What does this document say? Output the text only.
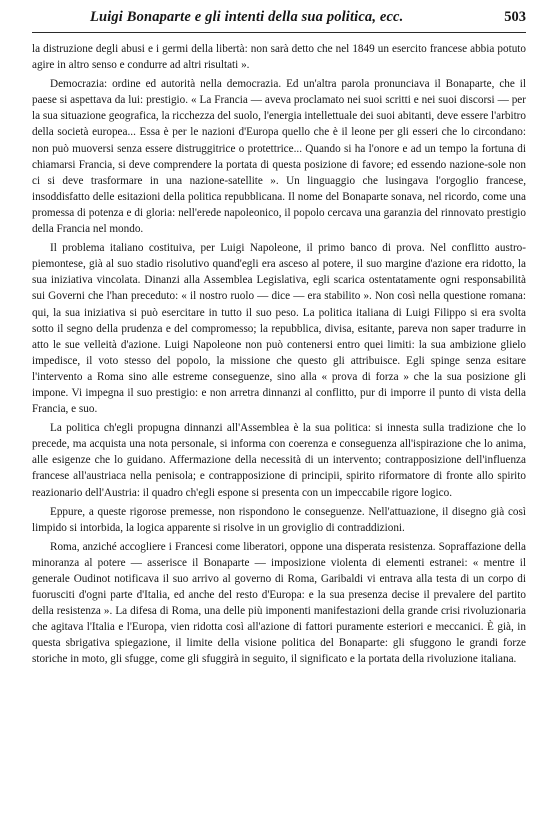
Luigi Bonaparte e gli intenti della sua politica, ecc.	503

la distruzione degli abusi e i germi della libertà: non sarà detto che nel 1849 un esercito francese abbia potuto agire in altro senso e condurre ad altri risultati ».

Democrazia: ordine ed autorità nella democrazia. Ed un'altra parola pronunciava il Bonaparte, che il paese si aspettava da lui: prestigio. « La Francia — aveva proclamato nei suoi scritti e nei suoi discorsi — per la sua situazione geografica, la ricchezza del suolo, l'energia intellettuale dei suoi abitanti, deve essere l'arbitro della società europea... Essa è per le nazioni d'Europa quello che è il leone per gli esseri che lo circondano: non può muoversi senza essere distruggitrice o protettrice... Quando si ha l'onore e ad un tempo la fortuna di chiamarsi Francia, si deve comprendere la portata di questa posizione di favore; ed essendo nazione-sole non ci si deve trasformare in una nazione-satellite ». Un linguaggio che lusingava l'orgoglio francese, insoddisfatto delle esitazioni della politica repubblicana. Il nome del Bonaparte sonava, nel ricordo, come una promessa di potenza e di gloria: nell'erede napoleonico, il popolo cercava una garanzia del rinnovato prestigio della Francia nel mondo.

Il problema italiano costituiva, per Luigi Napoleone, il primo banco di prova. Nel conflitto austro-piemontese, già al suo stadio risolutivo quand'egli era asceso al potere, il suo margine d'azione era ridotto, la sua iniziativa vincolata. Dinanzi alla Assemblea Legislativa, egli scarica ostentatamente ogni responsabilità sui Governi che l'han preceduto: « il nostro ruolo — dice — era stabilito ». Non così nella questione romana: qui, la sua iniziativa si può esercitare in tutto il suo peso. La politica italiana di Luigi Filippo si era svolta sotto il segno della prudenza e del compromesso; la repubblica, divisa, esitante, pareva non saper tradurre in atto le sue velleità d'azione. Luigi Napoleone non può contenersi entro quei limiti: la sua ambizione glielo impedisce, il voto stesso del popolo, la missione che questo gli attribuisce. Egli spinge senza esitare l'intervento a Roma sino alle estreme conseguenze, sino alla « prova di forza » che la sua posizione gli impone. Vi impegna il suo prestigio: e non arretra dinnanzi al conflitto, pur di imporre il punto di vista della Francia, e suo.

La politica ch'egli propugna dinnanzi all'Assemblea è la sua politica: si innesta sulla tradizione che lo precede, ma acquista una nota personale, si informa con coerenza e conseguenza all'ispirazione che lo anima, alle esigenze che lo guidano. Affermazione della necessità di un intervento; contrapposizione dell'influenza francese all'austriaca nella penisola; e contrapposizione di principii, spirito riformatore di fronte allo spirito reazionario dell'Austria: il quadro ch'egli espone si presenta con un impeccabile rigore logico.

Eppure, a queste rigorose premesse, non rispondono le conseguenze. Nell'attuazione, il disegno già così limpido si intorbida, la logica apparente si risolve in un groviglio di contraddizioni.

Roma, anziché accogliere i Francesi come liberatori, oppone una disperata resistenza. Sopraffazione della minoranza al potere — asserisce il Bonaparte — imposizione violenta di elementi estranei: « mentre il generale Oudinot notificava il suo arrivo al governo di Roma, Garibaldi vi entrava alla testa di un corpo di fuorusciti d'ogni parte d'Italia, ed anche del resto d'Europa: e la sua presenza decise il prevalere del partito della resistenza ». La difesa di Roma, una delle più imponenti manifestazioni della grande crisi rivoluzionaria che agitava l'Italia e l'Europa, vien ridotta così all'azione di fattori puramente esteriori e meccanici. È già, in questa sbrigativa spiegazione, il limite della visione politica del Bonaparte: gli sfuggono le grandi forze storiche in moto, gli sfugge, come gli sfuggirà in seguito, il significato e la portata della rivoluzione italiana.
